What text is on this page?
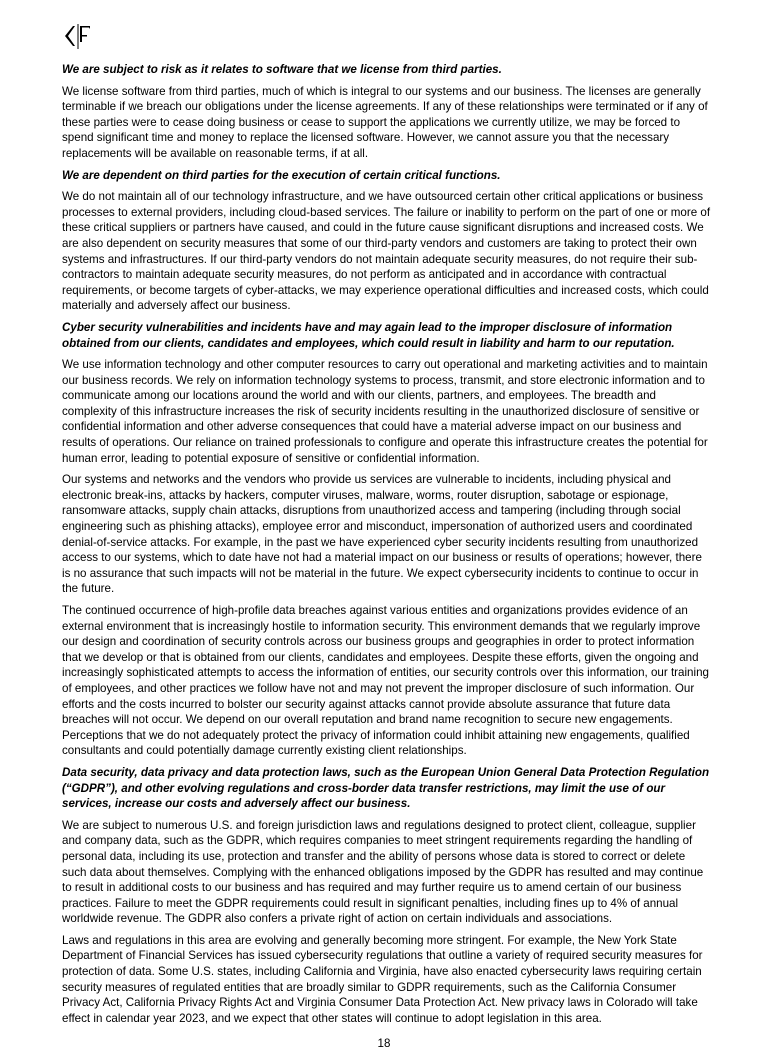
We are subject to risk as it relates to software that we license from third parties.

We license software from third parties, much of which is integral to our systems and our business. The licenses are generally terminable if we breach our obligations under the license agreements. If any of these relationships were terminated or if any of these parties were to cease doing business or cease to support the applications we currently utilize, we may be forced to spend significant time and money to replace the licensed software. However, we cannot assure you that the necessary replacements will be available on reasonable terms, if at all.

We are dependent on third parties for the execution of certain critical functions.

We do not maintain all of our technology infrastructure, and we have outsourced certain other critical applications or business processes to external providers, including cloud-based services. The failure or inability to perform on the part of one or more of these critical suppliers or partners have caused, and could in the future cause significant disruptions and increased costs. We are also dependent on security measures that some of our third-party vendors and customers are taking to protect their own systems and infrastructures. If our third-party vendors do not maintain adequate security measures, do not require their sub-contractors to maintain adequate security measures, do not perform as anticipated and in accordance with contractual requirements, or become targets of cyber-attacks, we may experience operational difficulties and increased costs, which could materially and adversely affect our business.

Cyber security vulnerabilities and incidents have and may again lead to the improper disclosure of information obtained from our clients, candidates and employees, which could result in liability and harm to our reputation.

We use information technology and other computer resources to carry out operational and marketing activities and to maintain our business records. We rely on information technology systems to process, transmit, and store electronic information and to communicate among our locations around the world and with our clients, partners, and employees. The breadth and complexity of this infrastructure increases the risk of security incidents resulting in the unauthorized disclosure of sensitive or confidential information and other adverse consequences that could have a material adverse impact on our business and results of operations. Our reliance on trained professionals to configure and operate this infrastructure creates the potential for human error, leading to potential exposure of sensitive or confidential information.

Our systems and networks and the vendors who provide us services are vulnerable to incidents, including physical and electronic break-ins, attacks by hackers, computer viruses, malware, worms, router disruption, sabotage or espionage, ransomware attacks, supply chain attacks, disruptions from unauthorized access and tampering (including through social engineering such as phishing attacks), employee error and misconduct, impersonation of authorized users and coordinated denial-of-service attacks. For example, in the past we have experienced cyber security incidents resulting from unauthorized access to our systems, which to date have not had a material impact on our business or results of operations; however, there is no assurance that such impacts will not be material in the future. We expect cybersecurity incidents to continue to occur in the future.

The continued occurrence of high-profile data breaches against various entities and organizations provides evidence of an external environment that is increasingly hostile to information security. This environment demands that we regularly improve our design and coordination of security controls across our business groups and geographies in order to protect information that we develop or that is obtained from our clients, candidates and employees. Despite these efforts, given the ongoing and increasingly sophisticated attempts to access the information of entities, our security controls over this information, our training of employees, and other practices we follow have not and may not prevent the improper disclosure of such information. Our efforts and the costs incurred to bolster our security against attacks cannot provide absolute assurance that future data breaches will not occur. We depend on our overall reputation and brand name recognition to secure new engagements. Perceptions that we do not adequately protect the privacy of information could inhibit attaining new engagements, qualified consultants and could potentially damage currently existing client relationships.

Data security, data privacy and data protection laws, such as the European Union General Data Protection Regulation (“GDPR”), and other evolving regulations and cross-border data transfer restrictions, may limit the use of our services, increase our costs and adversely affect our business.

We are subject to numerous U.S. and foreign jurisdiction laws and regulations designed to protect client, colleague, supplier and company data, such as the GDPR, which requires companies to meet stringent requirements regarding the handling of personal data, including its use, protection and transfer and the ability of persons whose data is stored to correct or delete such data about themselves. Complying with the enhanced obligations imposed by the GDPR has resulted and may continue to result in additional costs to our business and has required and may further require us to amend certain of our business practices. Failure to meet the GDPR requirements could result in significant penalties, including fines up to 4% of annual worldwide revenue. The GDPR also confers a private right of action on certain individuals and associations.

Laws and regulations in this area are evolving and generally becoming more stringent. For example, the New York State Department of Financial Services has issued cybersecurity regulations that outline a variety of required security measures for protection of data. Some U.S. states, including California and Virginia, have also enacted cybersecurity laws requiring certain security measures of regulated entities that are broadly similar to GDPR requirements, such as the California Consumer Privacy Act, California Privacy Rights Act and Virginia Consumer Data Protection Act. New privacy laws in Colorado will take effect in calendar year 2023, and we expect that other states will continue to adopt legislation in this area.

18
